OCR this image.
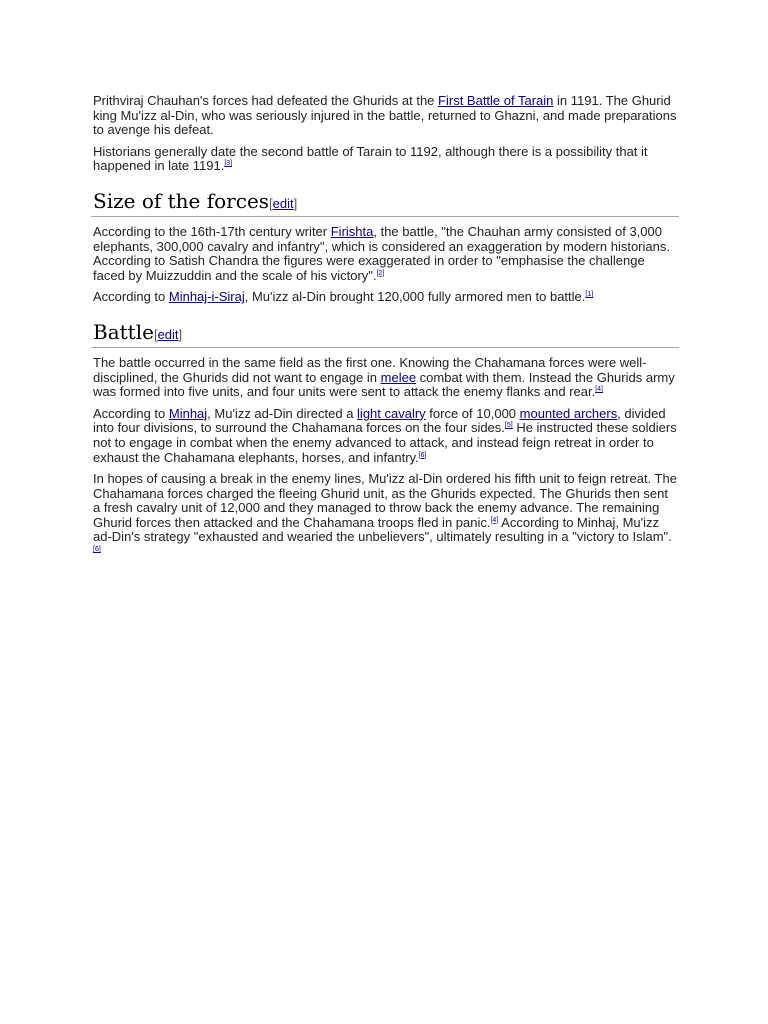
Prithviraj Chauhan's forces had defeated the Ghurids at the First Battle of Tarain in 1191. The Ghurid king Mu'izz al-Din, who was seriously injured in the battle, returned to Ghazni, and made preparations to avenge his defeat.

Historians generally date the second battle of Tarain to 1192, although there is a possibility that it happened in late 1191.[3]

Size of the forces[edit]

According to the 16th-17th century writer Firishta, the battle, "the Chauhan army consisted of 3,000 elephants, 300,000 cavalry and infantry", which is considered an exaggeration by modern historians. According to Satish Chandra the figures were exaggerated in order to "emphasise the challenge faced by Muizzuddin and the scale of his victory".[2]

According to Minhaj-i-Siraj, Mu'izz al-Din brought 120,000 fully armored men to battle.[1]

Battle[edit]

The battle occurred in the same field as the first one. Knowing the Chahamana forces were well-disciplined, the Ghurids did not want to engage in melee combat with them. Instead the Ghurids army was formed into five units, and four units were sent to attack the enemy flanks and rear.[4]

According to Minhaj, Mu'izz ad-Din directed a light cavalry force of 10,000 mounted archers, divided into four divisions, to surround the Chahamana forces on the four sides.[5] He instructed these soldiers not to engage in combat when the enemy advanced to attack, and instead feign retreat in order to exhaust the Chahamana elephants, horses, and infantry.[6]

In hopes of causing a break in the enemy lines, Mu'izz al-Din ordered his fifth unit to feign retreat. The Chahamana forces charged the fleeing Ghurid unit, as the Ghurids expected. The Ghurids then sent a fresh cavalry unit of 12,000 and they managed to throw back the enemy advance. The remaining Ghurid forces then attacked and the Chahamana troops fled in panic.[4] According to Minhaj, Mu'izz ad-Din's strategy "exhausted and wearied the unbelievers", ultimately resulting in a "victory to Islam".[6]
